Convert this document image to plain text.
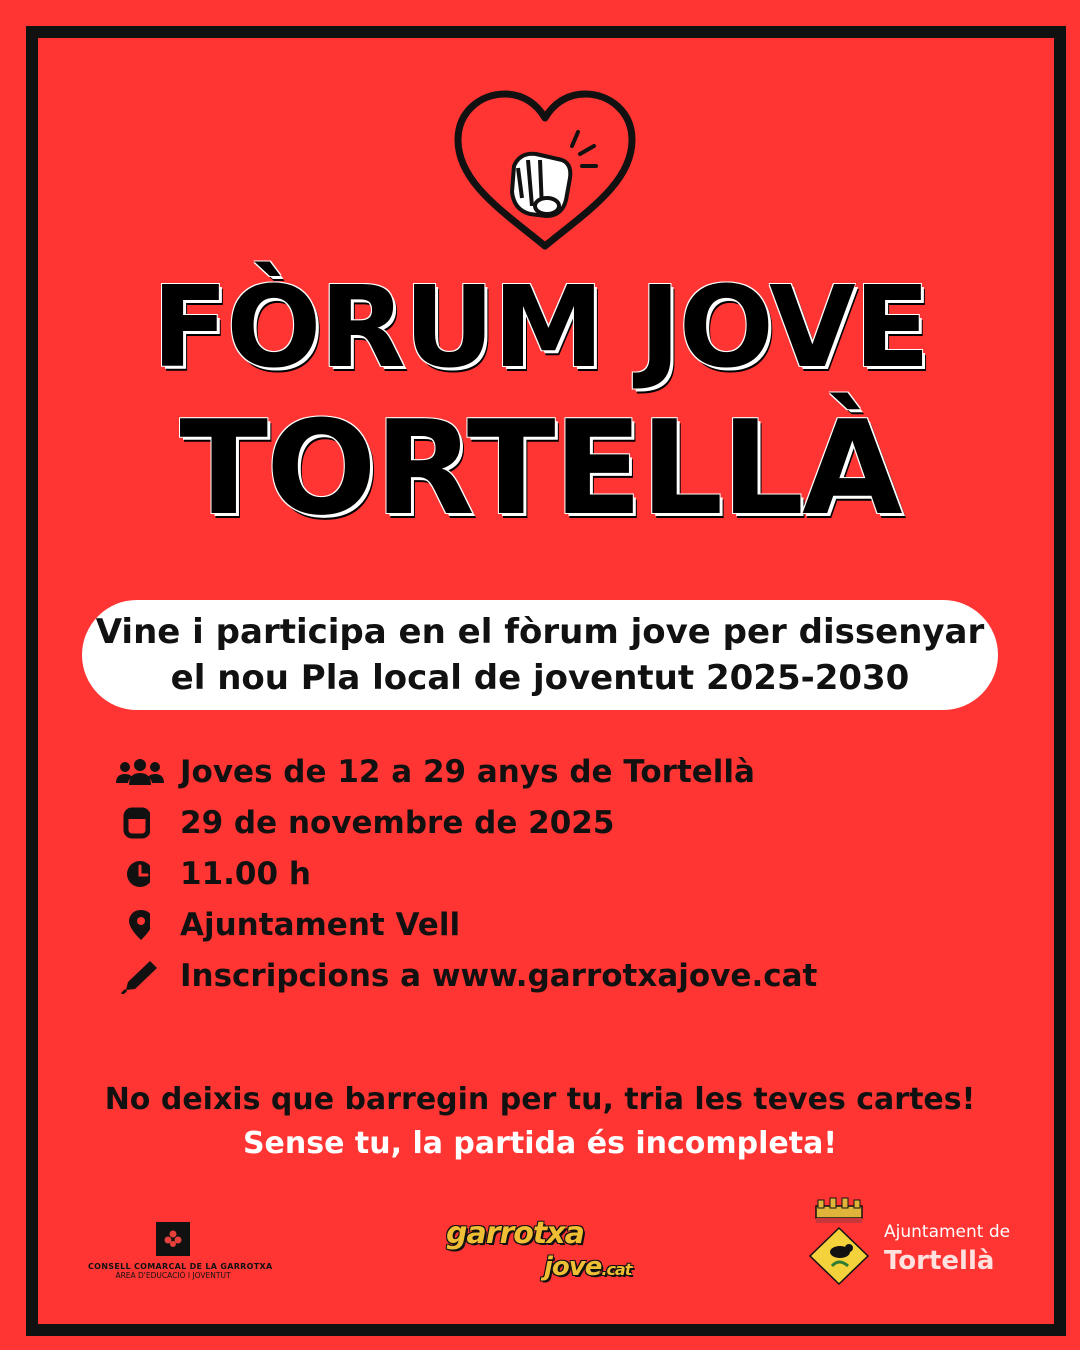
FÒRUM JOVE
TORTELLÀ
Vine i participa en el fòrum jove per dissenyar
el nou Pla local de joventut 2025-2030
Joves de 12 a 29 anys de Tortellà
29 de novembre de 2025
11.00 h
Ajuntament Vell
Inscripcions a www.garrotxajove.cat
No deixis que barregin per tu, tria les teves cartes!
Sense tu, la partida és incompleta!
CONSELL COMARCAL DE LA GARROTXA
ÀREA D'EDUCACIÓ I JOVENTUT
garrotxa
jove.cat
Ajuntament de
Tortellà
